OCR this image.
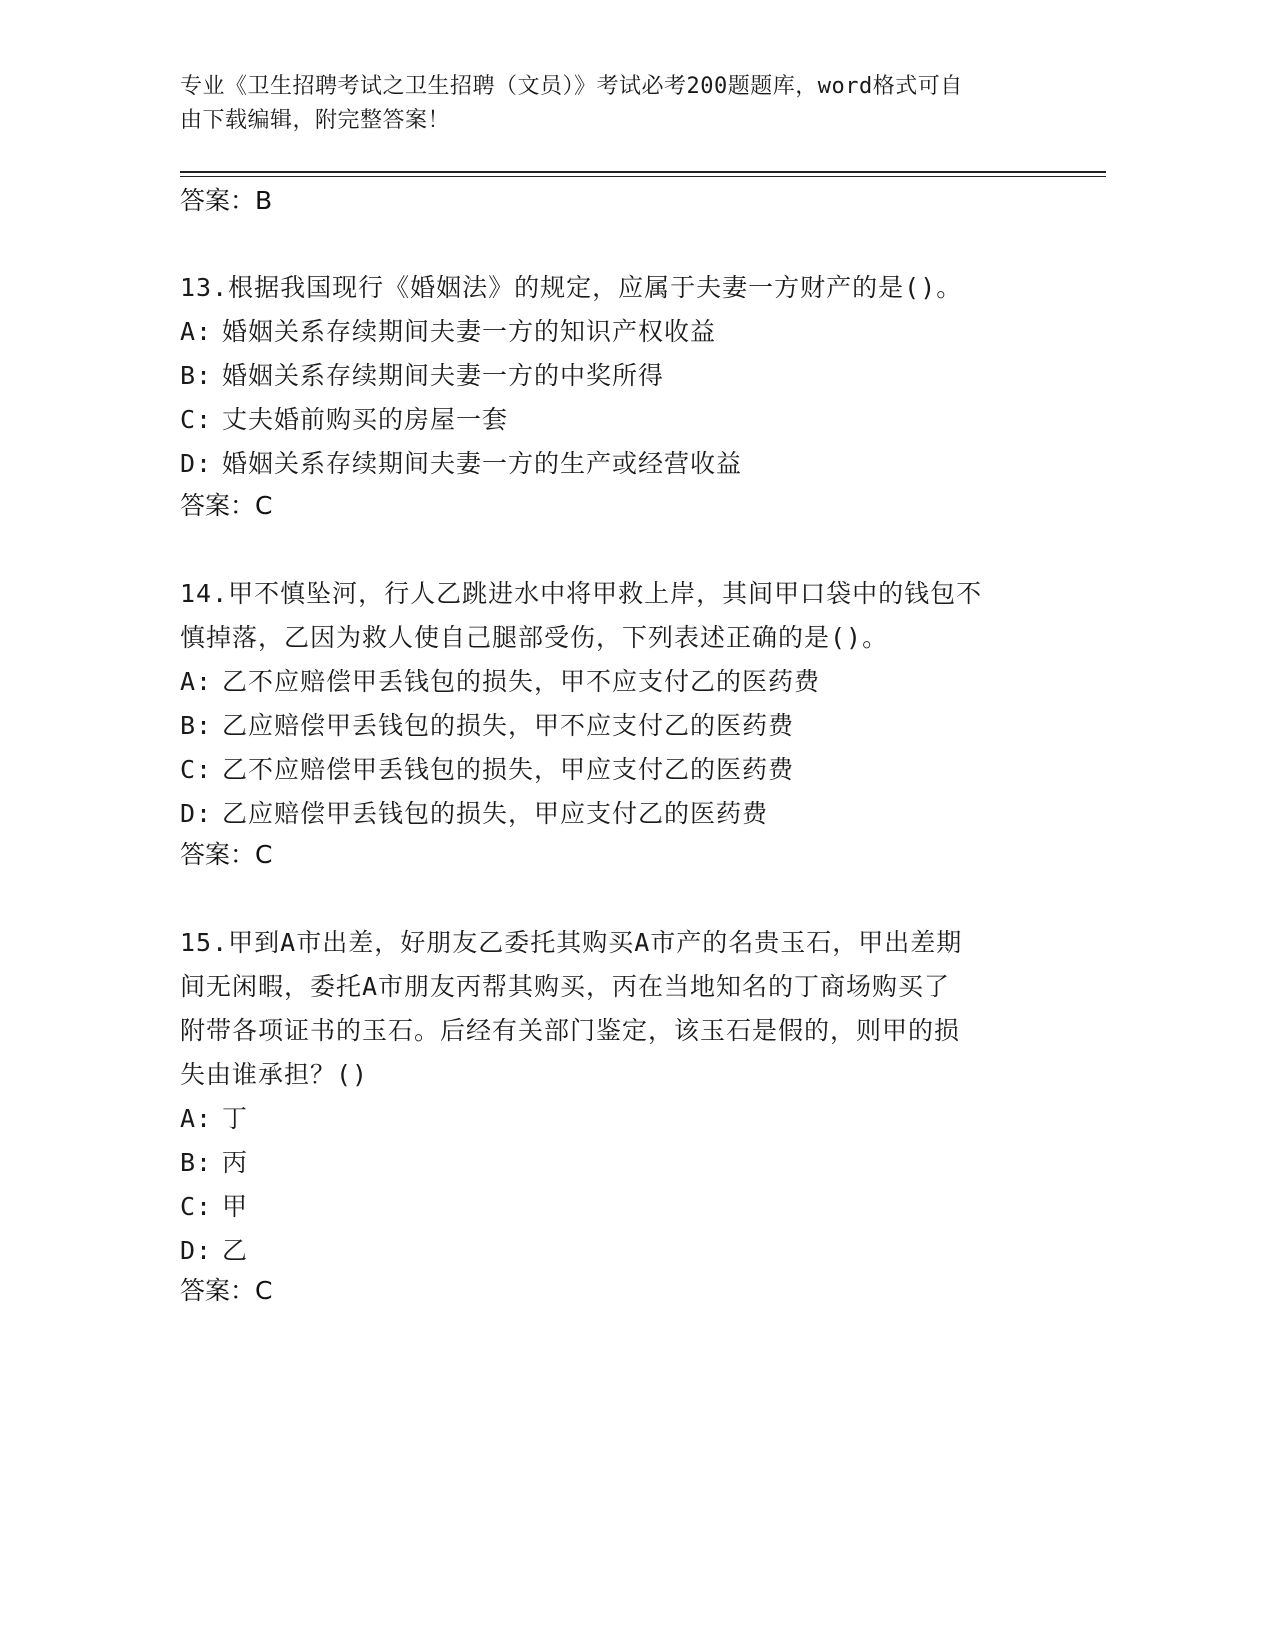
专业《卫生招聘考试之卫生招聘（文员）》考试必考200题题库，word格式可自
由下载编辑，附完整答案！
答案：B
13.根据我国现行《婚姻法》的规定，应属于夫妻一方财产的是()。
A: 婚姻关系存续期间夫妻一方的知识产权收益
B: 婚姻关系存续期间夫妻一方的中奖所得
C: 丈夫婚前购买的房屋一套
D: 婚姻关系存续期间夫妻一方的生产或经营收益
答案：C
14.甲不慎坠河，行人乙跳进水中将甲救上岸，其间甲口袋中的钱包不
慎掉落，乙因为救人使自己腿部受伤，下列表述正确的是()。
A: 乙不应赔偿甲丢钱包的损失，甲不应支付乙的医药费
B: 乙应赔偿甲丢钱包的损失，甲不应支付乙的医药费
C: 乙不应赔偿甲丢钱包的损失，甲应支付乙的医药费
D: 乙应赔偿甲丢钱包的损失，甲应支付乙的医药费
答案：C
15.甲到A市出差，好朋友乙委托其购买A市产的名贵玉石，甲出差期
间无闲暇，委托A市朋友丙帮其购买，丙在当地知名的丁商场购买了
附带各项证书的玉石。后经有关部门鉴定，该玉石是假的，则甲的损
失由谁承担？()
A: 丁
B: 丙
C: 甲
D: 乙
答案：C
